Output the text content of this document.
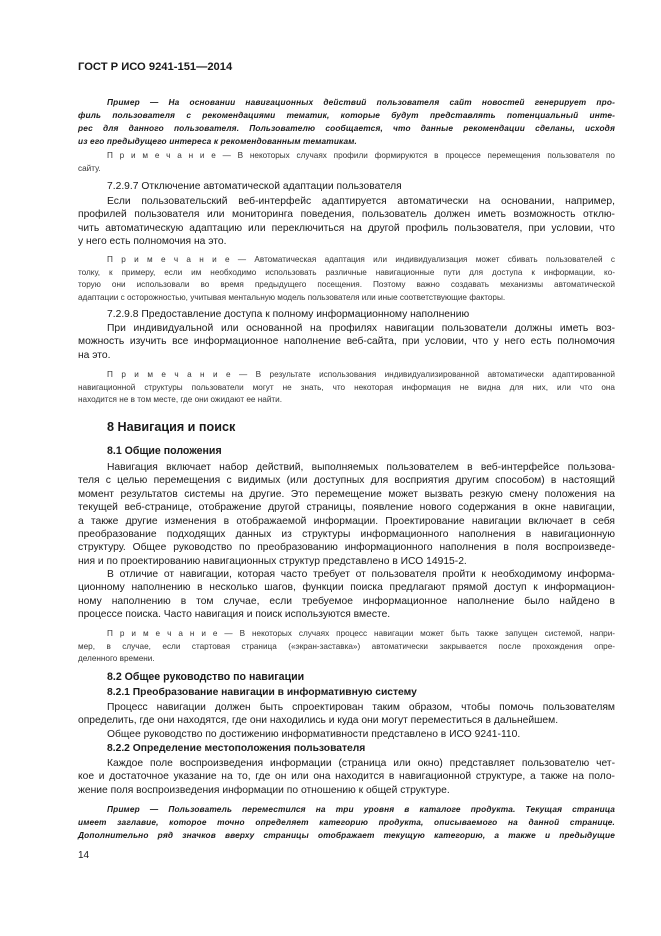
ГОСТ Р ИСО 9241-151—2014
Пример — На основании навигационных действий пользователя сайт новостей генерирует про-
филь пользователя с рекомендациями тематик, которые будут представлять потенциальный инте-
рес для данного пользователя. Пользователю сообщается, что данные рекомендации сделаны, исходя
из его предыдущего интереса к рекомендованным тематикам.
П р и м е ч а н и е — В некоторых случаях профили формируются в процессе перемещения пользователя по
сайту.
7.2.9.7 Отключение автоматической адаптации пользователя
Если пользовательский веб-интерфейс адаптируется автоматически на основании, например,
профилей пользователя или мониторинга поведения, пользователь должен иметь возможность отклю-
чить автоматическую адаптацию или переключиться на другой профиль пользователя, при условии, что
у него есть полномочия на это.
П р и м е ч а н и е — Автоматическая адаптация или индивидуализация может сбивать пользователей с
толку, к примеру, если им необходимо использовать различные навигационные пути для доступа к информации, ко-
торую они использовали во время предыдущего посещения. Поэтому важно создавать механизмы автоматической
адаптации с осторожностью, учитывая ментальную модель пользователя или иные соответствующие факторы.
7.2.9.8 Предоставление доступа к полному информационному наполнению
При индивидуальной или основанной на профилях навигации пользователи должны иметь воз-
можность изучить все информационное наполнение веб-сайта, при условии, что у него есть полномочия
на это.
П р и м е ч а н и е — В результате использования индивидуализированной автоматически адаптированной
навигационной структуры пользователи могут не знать, что некоторая информация не видна для них, или что она
находится не в том месте, где они ожидают ее найти.
8 Навигация и поиск
8.1 Общие положения
Навигация включает набор действий, выполняемых пользователем в веб-интерфейсе пользова-
теля с целью перемещения с видимых (или доступных для восприятия другим способом) в настоящий
момент результатов системы на другие. Это перемещение может вызвать резкую смену положения на
текущей веб-странице, отображение другой страницы, появление нового содержания в окне навигации,
а также другие изменения в отображаемой информации. Проектирование навигации включает в себя
преобразование подходящих данных из структуры информационного наполнения в навигационную
структуру. Общее руководство по преобразованию информационного наполнения в поля воспроизведе-
ния и по проектированию навигационных структур представлено в ИСО 14915-2.
В отличие от навигации, которая часто требует от пользователя пройти к необходимому информа-
ционному наполнению в несколько шагов, функции поиска предлагают прямой доступ к информацион-
ному наполнению в том случае, если требуемое информационное наполнение было найдено в
процессе поиска. Часто навигация и поиск используются вместе.
П р и м е ч а н и е — В некоторых случаях процесс навигации может быть также запущен системой, напри-
мер, в случае, если стартовая страница («экран-заставка») автоматически закрывается после прохождения опре-
деленного времени.
8.2 Общее руководство по навигации
8.2.1 Преобразование навигации в информативную систему
Процесс навигации должен быть спроектирован таким образом, чтобы помочь пользователям
определить, где они находятся, где они находились и куда они могут переместиться в дальнейшем.
Общее руководство по достижению информативности представлено в ИСО 9241-110.
8.2.2 Определение местоположения пользователя
Каждое поле воспроизведения информации (страница или окно) представляет пользователю чет-
кое и достаточное указание на то, где он или она находится в навигационной структуре, а также на поло-
жение поля воспроизведения информации по отношению к общей структуре.
Пример — Пользователь переместился на три уровня в каталоге продукта. Текущая страница
имеет заглавие, которое точно определяет категорию продукта, описываемого на данной странице.
Дополнительно ряд значков вверху страницы отображает текущую категорию, а также и предыдущие
14
